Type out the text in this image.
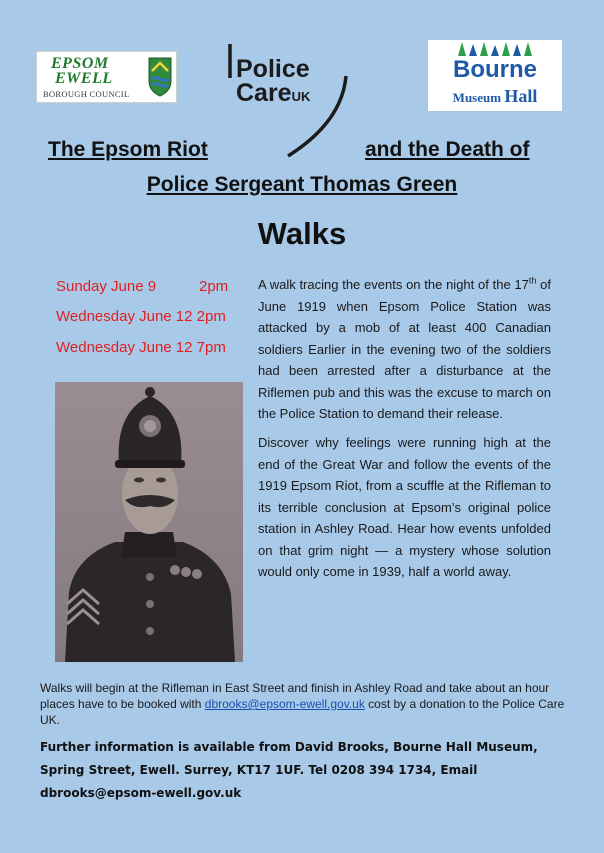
EPSOM
EWELL
BOROUGH COUNCIL
Police
CareUK
Bourne
Museum Hall
The Epsom Riot	and the Death of
Police Sergeant Thomas Green
Walks
Sunday June 9	2pm
Wednesday June 12 2pm
Wednesday June 12 7pm
A walk tracing the events on the night of the 17th of June 1919 when Epsom Police Station was attacked by a mob of at least 400 Canadian soldiers Earlier in the evening two of the soldiers had been arrested after a disturbance at the Riflemen pub and this was the excuse to march on the Police Station to demand their release.
Discover why feelings were running high at the end of the Great War and follow the events of the 1919 Epsom Riot, from a scuffle at the Rifleman to its terrible conclusion at Epsom’s original police station in Ashley Road. Hear how events unfolded on that grim night — a mystery whose solution would only come in 1939, half a world away.
Walks will begin at the Rifleman in East Street and finish in Ashley Road and take about an hour places have to be booked with dbrooks@epsom-ewell.gov.uk cost by a donation to the Police Care UK.
Further information is available from David Brooks, Bourne Hall Museum,
Spring Street, Ewell. Surrey, KT17 1UF. Tel 0208 394 1734, Email
dbrooks@epsom-ewell.gov.uk
